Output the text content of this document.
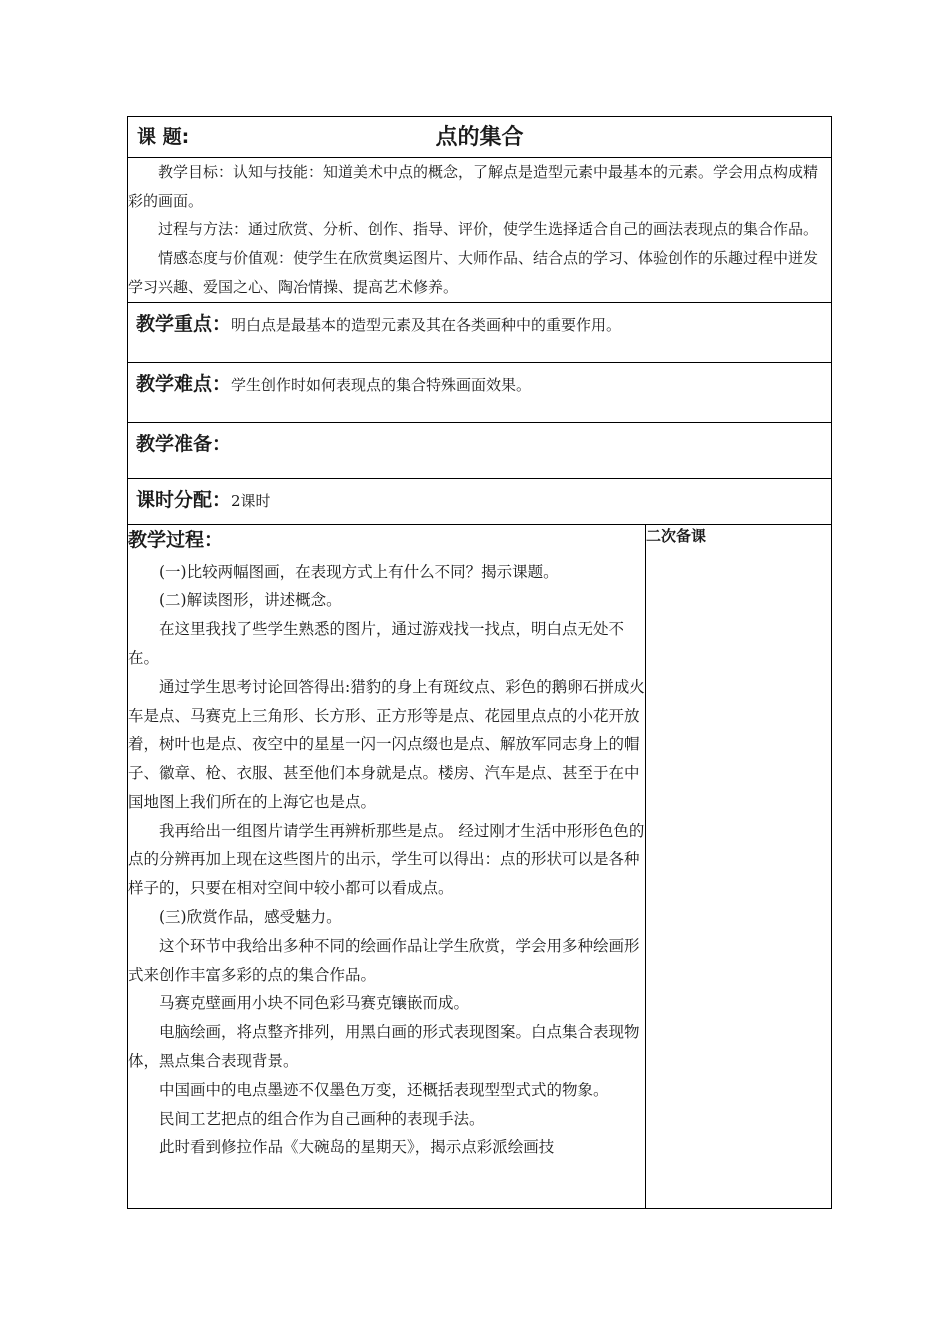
课 题:	点的集合

教学目标：认知与技能：知道美术中点的概念，了解点是造型元素中最基本的元素。学会用点构成精彩的画面。

过程与方法：通过欣赏、分析、创作、指导、评价，使学生选择适合自己的画法表现点的集合作品。

情感态度与价值观：使学生在欣赏奥运图片、大师作品、结合点的学习、体验创作的乐趣过程中迸发学习兴趣、爱国之心、陶冶情操、提高艺术修养。

教学重点：明白点是最基本的造型元素及其在各类画种中的重要作用。
教学难点：学生创作时如何表现点的集合特殊画面效果。
教学准备：
课时分配：2课时

教学过程：

(一)比较两幅图画，在表现方式上有什么不同？揭示课题。

(二)解读图形，讲述概念。

在这里我找了些学生熟悉的图片，通过游戏找一找点，明白点无处不在。

通过学生思考讨论回答得出:猎豹的身上有斑纹点、彩色的鹅卵石拼成火车是点、马赛克上三角形、长方形、正方形等是点、花园里点点的小花开放着，树叶也是点、夜空中的星星一闪一闪点缀也是点、解放军同志身上的帽子、徽章、枪、衣服、甚至他们本身就是点。楼房、汽车是点、甚至于在中国地图上我们所在的上海它也是点。

我再给出一组图片请学生再辨析那些是点。 经过刚才生活中形形色色的点的分辨再加上现在这些图片的出示，学生可以得出：点的形状可以是各种样子的，只要在相对空间中较小都可以看成点。

(三)欣赏作品，感受魅力。

这个环节中我给出多种不同的绘画作品让学生欣赏，学会用多种绘画形式来创作丰富多彩的点的集合作品。

马赛克壁画用小块不同色彩马赛克镶嵌而成。

电脑绘画，将点整齐排列，用黑白画的形式表现图案。白点集合表现物体，黑点集合表现背景。

中国画中的电点墨迹不仅墨色万变，还概括表现型型式式的物象。

民间工艺把点的组合作为自己画种的表现手法。

此时看到修拉作品《大碗岛的星期天》，揭示点彩派绘画技

	二次备课
